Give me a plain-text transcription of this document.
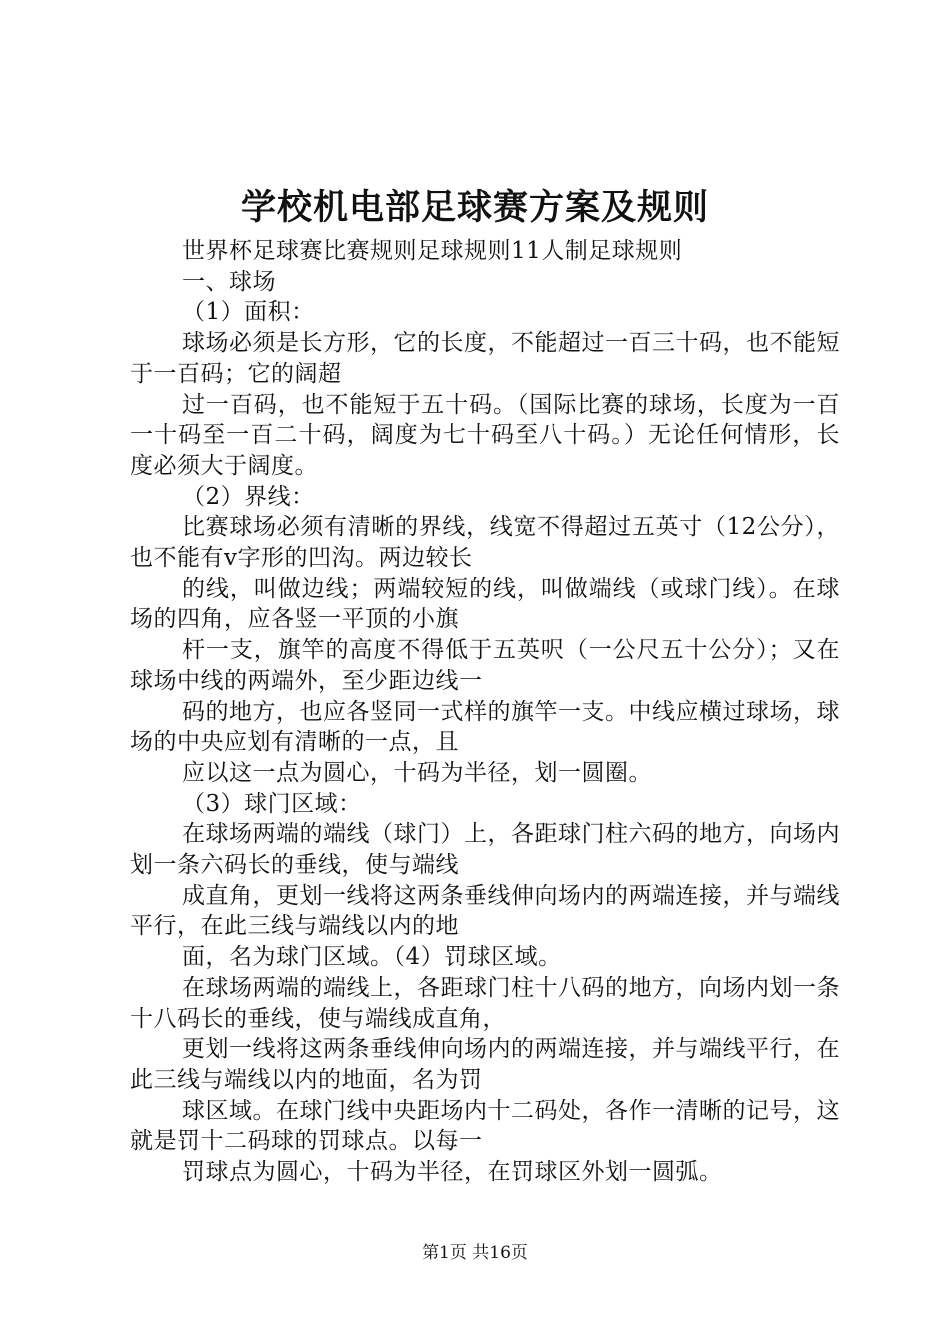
学校机电部足球赛方案及规则

世界杯足球赛比赛规则足球规则11人制足球规则

一、球场

（1）面积：

球场必须是长方形，它的长度，不能超过一百三十码，也不能短于一百码；它的阔超

过一百码，也不能短于五十码。（国际比赛的球场，长度为一百一十码至一百二十码，阔度为七十码至八十码。）无论任何情形，长度必须大于阔度。

（2）界线：

比赛球场必须有清晰的界线，线宽不得超过五英寸（12公分），也不能有v字形的凹沟。两边较长

的线，叫做边线；两端较短的线，叫做端线（或球门线）。在球场的四角，应各竖一平顶的小旗

杆一支，旗竿的高度不得低于五英呎（一公尺五十公分）；又在球场中线的两端外，至少距边线一

码的地方，也应各竖同一式样的旗竿一支。中线应横过球场，球场的中央应划有清晰的一点，且

应以这一点为圆心，十码为半径，划一圆圈。

（3）球门区域：

在球场两端的端线（球门）上，各距球门柱六码的地方，向场内划一条六码长的垂线，使与端线

成直角，更划一线将这两条垂线伸向场内的两端连接，并与端线平行，在此三线与端线以内的地

面，名为球门区域。（4）罚球区域。

在球场两端的端线上，各距球门柱十八码的地方，向场内划一条十八码长的垂线，使与端线成直角，

更划一线将这两条垂线伸向场内的两端连接，并与端线平行，在此三线与端线以内的地面，名为罚

球区域。在球门线中央距场内十二码处，各作一清晰的记号，这就是罚十二码球的罚球点。以每一

罚球点为圆心，十码为半径，在罚球区外划一圆弧。

第1页 共16页
